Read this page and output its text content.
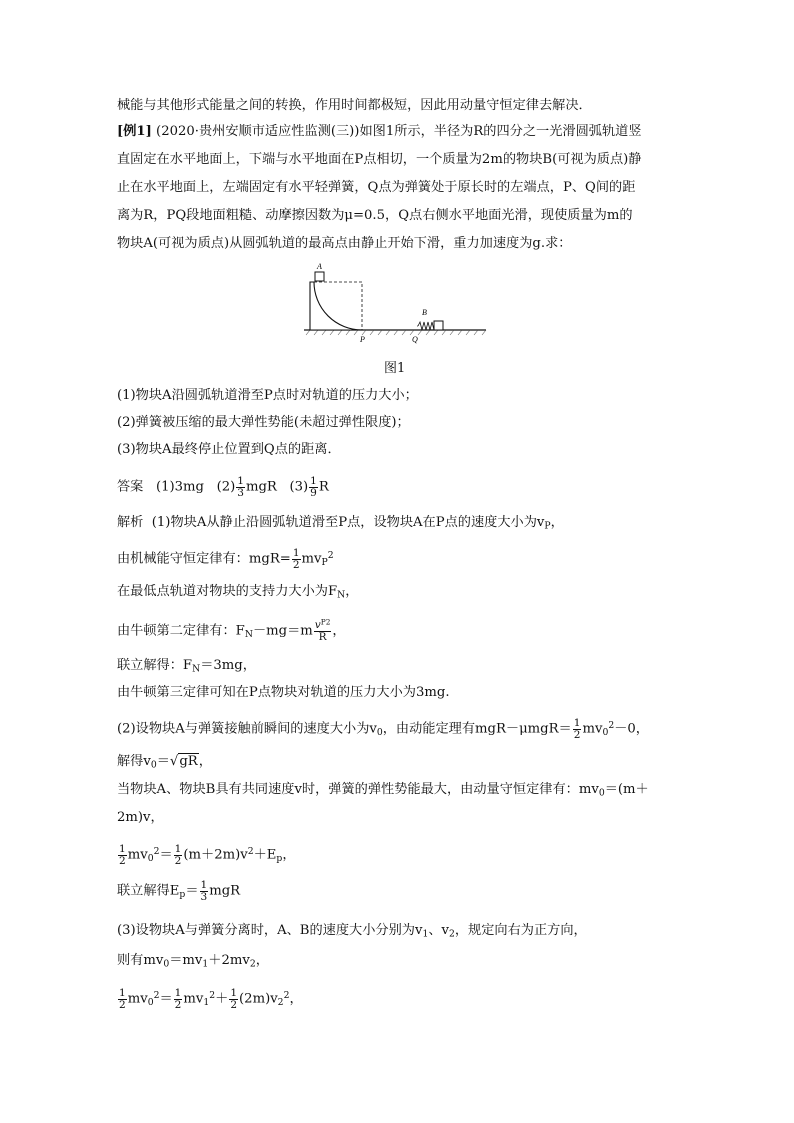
械能与其他形式能量之间的转换，作用时间都极短，因此用动量守恒定律去解决．
[例1] (2020·贵州安顺市适应性监测(三))如图1所示，半径为R的四分之一光滑圆弧轨道竖
直固定在水平地面上，下端与水平地面在P点相切，一个质量为2m的物块B(可视为质点)静
止在水平地面上，左端固定有水平轻弹簧，Q点为弹簧处于原长时的左端点，P、Q间的距
离为R，PQ段地面粗糙、动摩擦因数为μ=0.5，Q点右侧水平地面光滑，现使质量为m的
物块A(可视为质点)从圆弧轨道的最高点由静止开始下滑，重力加速度为g.求：
A
B
P	Q
图1
(1)物块A沿圆弧轨道滑至P点时对轨道的压力大小；
(2)弹簧被压缩的最大弹性势能(未超过弹性限度)；
(3)物块A最终停止位置到Q点的距离．
答案 (1)3mg $(2) \frac{1}{3}$ mgR $(3) \frac{1}{9}$ R
解析 (1)物块A从静止沿圆弧轨道滑至P点，设物块A在P点的速度大小为$v_P$，
由机械能守恒定律有：$mgR= \frac{1}{2} mv_P^2$
在最低点轨道对物块的支持力大小为$F_N$，
由牛顿第二定律有：$F_N-mg=m \frac{v^{P2}}{R}$ ，
联立解得：$F_N=3mg$，
由牛顿第三定律可知在P点物块对轨道的压力大小为3mg.
(2)设物块A与弹簧接触前瞬间的速度大小为$v_0$，由动能定理有$mgR-\mu mgR= \frac{1}{2} mv_0^2-0$，
解得$v_0=√gR$，
当物块A、物块B具有共同速度v时，弹簧的弹性势能最大，由动量守恒定律有：$mv_0=(m+$
2m)v，
$\frac{1}{2} mv_0^2= \frac{1}{2} (m+2m)v^2+E_p$，
联立解得$E_p= \frac{1}{3}$ mgR
(3)设物块A与弹簧分离时，A、B的速度大小分别为$v_1$、$v_2$，规定向右为正方向，
则有$mv_0=mv_1+2mv_2$，
$\frac{1}{2} mv_0^2= \frac{1}{2} mv_1^2+ \frac{1}{2} (2m)v_2^2$，
